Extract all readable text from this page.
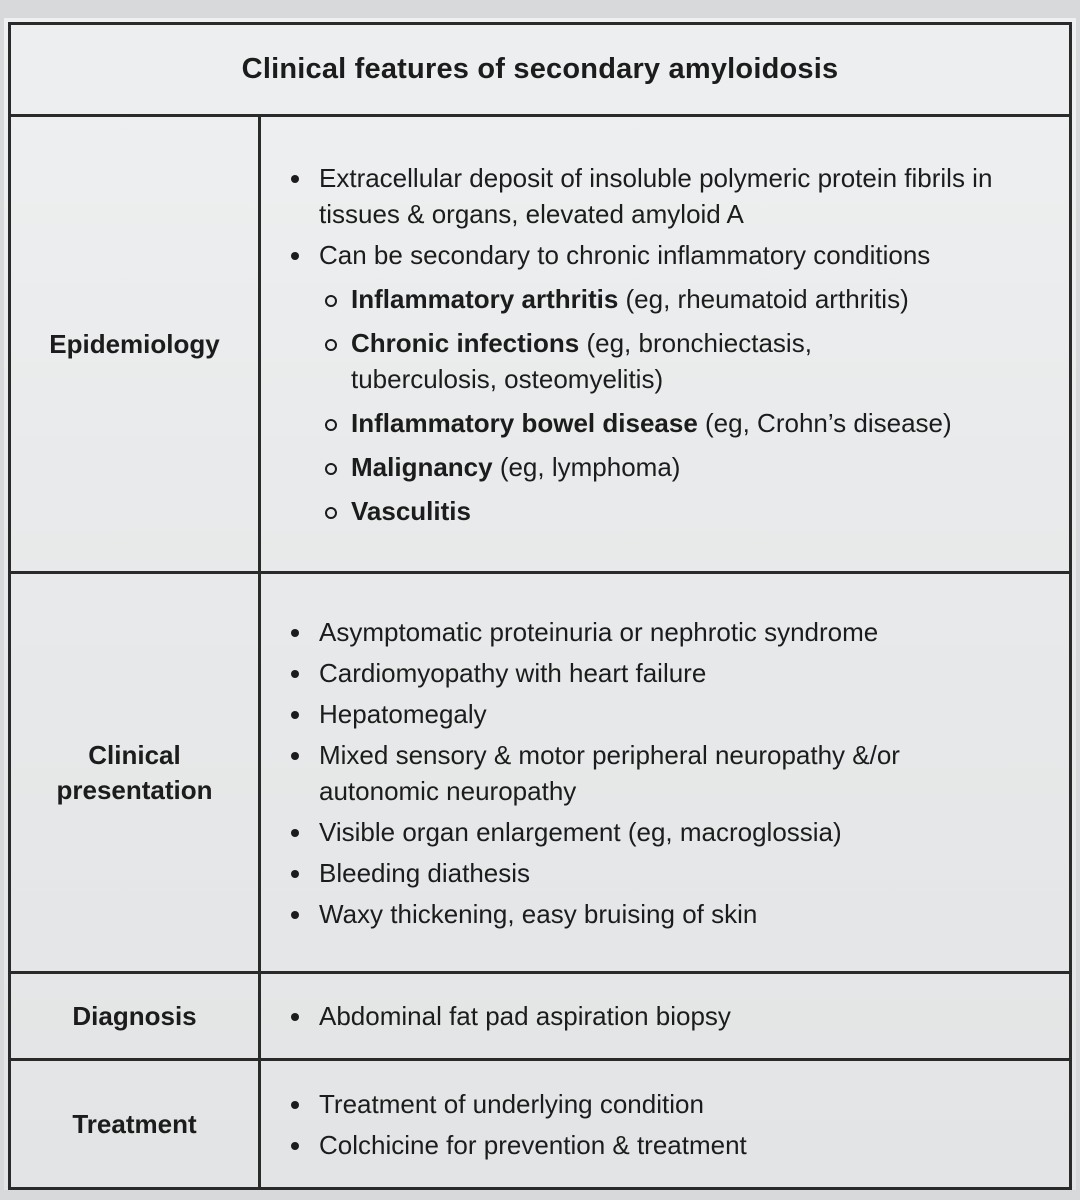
Clinical features of secondary amyloidosis
Epidemiology
Extracellular deposit of insoluble polymeric protein fibrils in tissues & organs, elevated amyloid A
Can be secondary to chronic inflammatory conditions
Inflammatory arthritis (eg, rheumatoid arthritis)
Chronic infections (eg, bronchiectasis, tuberculosis, osteomyelitis)
Inflammatory bowel disease (eg, Crohn’s disease)
Malignancy (eg, lymphoma)
Vasculitis
Clinical presentation
Asymptomatic proteinuria or nephrotic syndrome
Cardiomyopathy with heart failure
Hepatomegaly
Mixed sensory & motor peripheral neuropathy &/or autonomic neuropathy
Visible organ enlargement (eg, macroglossia)
Bleeding diathesis
Waxy thickening, easy bruising of skin
Diagnosis	Abdominal fat pad aspiration biopsy
Treatment
Treatment of underlying condition
Colchicine for prevention & treatment
